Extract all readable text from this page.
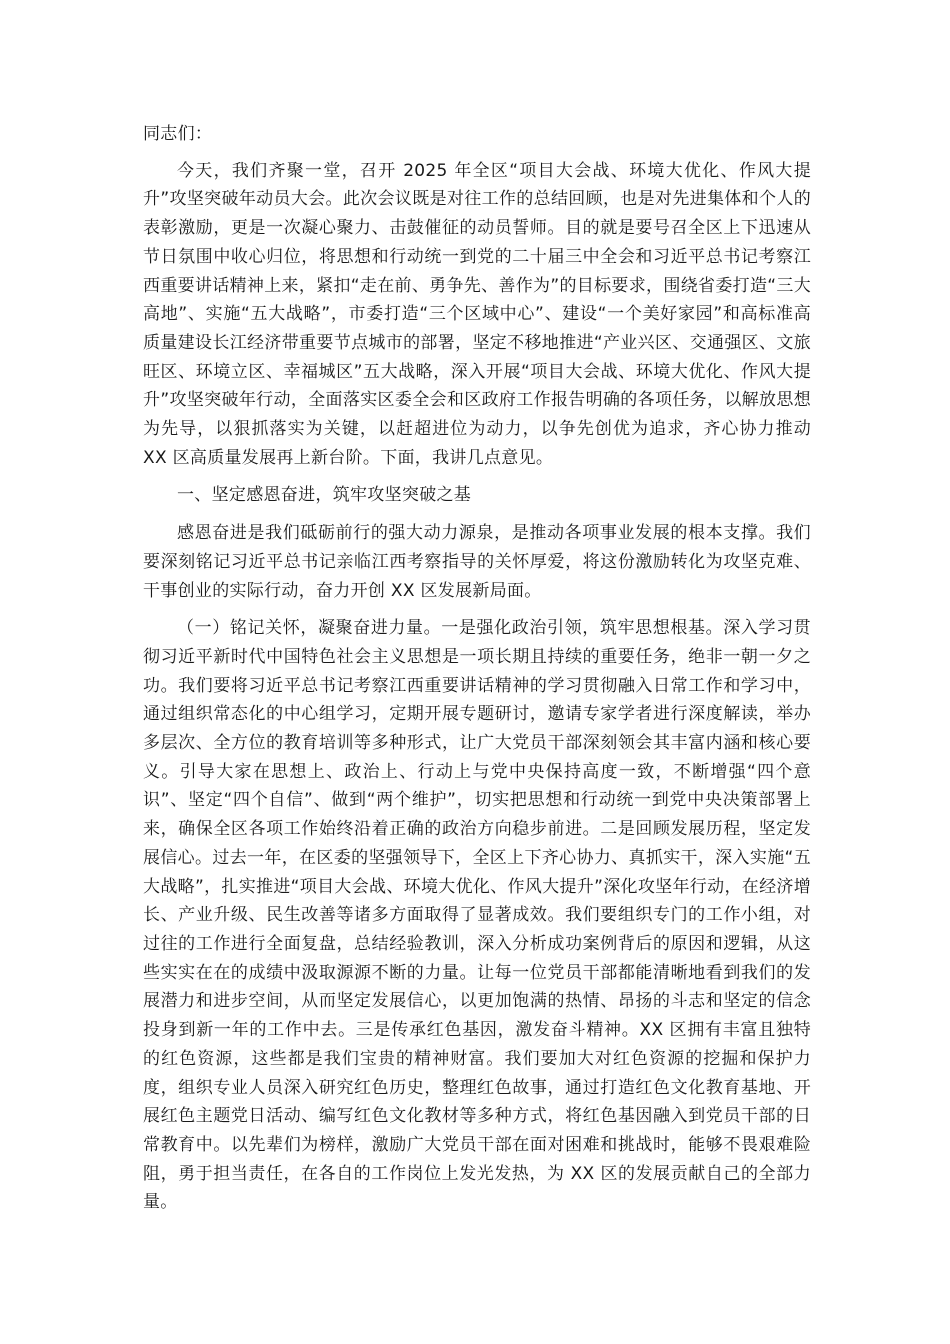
同志们：

今天，我们齐聚一堂，召开 2025 年全区“项目大会战、环境大优化、作风大提升”攻坚突破年动员大会。此次会议既是对往工作的总结回顾，也是对先进集体和个人的表彰激励，更是一次凝心聚力、击鼓催征的动员誓师。目的就是要号召全区上下迅速从节日氛围中收心归位，将思想和行动统一到党的二十届三中全会和习近平总书记考察江西重要讲话精神上来，紧扣“走在前、勇争先、善作为”的目标要求，围绕省委打造“三大高地”、实施“五大战略”，市委打造“三个区域中心”、建设“一个美好家园”和高标准高质量建设长江经济带重要节点城市的部署，坚定不移地推进“产业兴区、交通强区、文旅旺区、环境立区、幸福城区”五大战略，深入开展“项目大会战、环境大优化、作风大提升”攻坚突破年行动，全面落实区委全会和区政府工作报告明确的各项任务，以解放思想为先导，以狠抓落实为关键，以赶超进位为动力，以争先创优为追求，齐心协力推动 XX 区高质量发展再上新台阶。下面，我讲几点意见。

一、坚定感恩奋进，筑牢攻坚突破之基

感恩奋进是我们砥砺前行的强大动力源泉，是推动各项事业发展的根本支撑。我们要深刻铭记习近平总书记亲临江西考察指导的关怀厚爱，将这份激励转化为攻坚克难、干事创业的实际行动，奋力开创 XX 区发展新局面。

（一）铭记关怀，凝聚奋进力量。一是强化政治引领，筑牢思想根基。深入学习贯彻习近平新时代中国特色社会主义思想是一项长期且持续的重要任务，绝非一朝一夕之功。我们要将习近平总书记考察江西重要讲话精神的学习贯彻融入日常工作和学习中，通过组织常态化的中心组学习，定期开展专题研讨，邀请专家学者进行深度解读，举办多层次、全方位的教育培训等多种形式，让广大党员干部深刻领会其丰富内涵和核心要义。引导大家在思想上、政治上、行动上与党中央保持高度一致，不断增强“四个意识”、坚定“四个自信”、做到“两个维护”，切实把思想和行动统一到党中央决策部署上来，确保全区各项工作始终沿着正确的政治方向稳步前进。二是回顾发展历程，坚定发展信心。过去一年，在区委的坚强领导下，全区上下齐心协力、真抓实干，深入实施“五大战略”，扎实推进“项目大会战、环境大优化、作风大提升”深化攻坚年行动，在经济增长、产业升级、民生改善等诸多方面取得了显著成效。我们要组织专门的工作小组，对过往的工作进行全面复盘，总结经验教训，深入分析成功案例背后的原因和逻辑，从这些实实在在的成绩中汲取源源不断的力量。让每一位党员干部都能清晰地看到我们的发展潜力和进步空间，从而坚定发展信心，以更加饱满的热情、昂扬的斗志和坚定的信念投身到新一年的工作中去。三是传承红色基因，激发奋斗精神。XX 区拥有丰富且独特的红色资源，这些都是我们宝贵的精神财富。我们要加大对红色资源的挖掘和保护力度，组织专业人员深入研究红色历史，整理红色故事，通过打造红色文化教育基地、开展红色主题党日活动、编写红色文化教材等多种方式，将红色基因融入到党员干部的日常教育中。以先辈们为榜样，激励广大党员干部在面对困难和挑战时，能够不畏艰难险阻，勇于担当责任，在各自的工作岗位上发光发热，为 XX 区的发展贡献自己的全部力量。
